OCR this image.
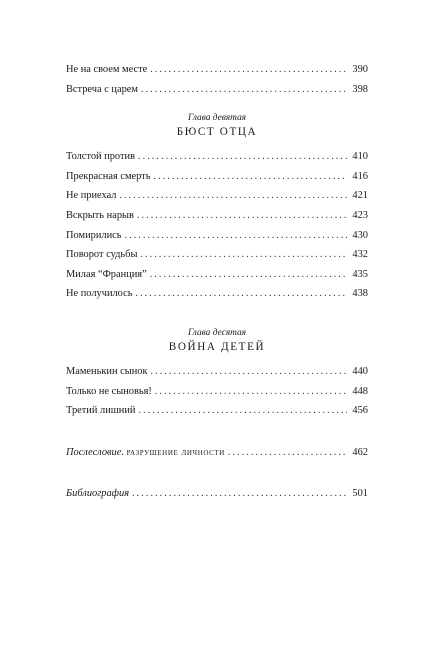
Не на своем месте . . .	390
Встреча с царем . . .	398
Глава девятая
БЮСТ ОТЦА
Толстой против . . .	410
Прекрасная смерть . . .	416
Не приехал . . .	421
Вскрыть нарыв . . .	423
Помирились . . .	430
Поворот судьбы . . .	432
Милая “Франция” . . .	435
Не получилось . . .	438
Глава десятая
ВОЙНА ДЕТЕЙ
Маменькин сынок . . .	440
Только не сыновья! . . .	448
Третий лишний . . .	456
Послесловие. разрушение личности . . .	462
Библиография . . .	501
